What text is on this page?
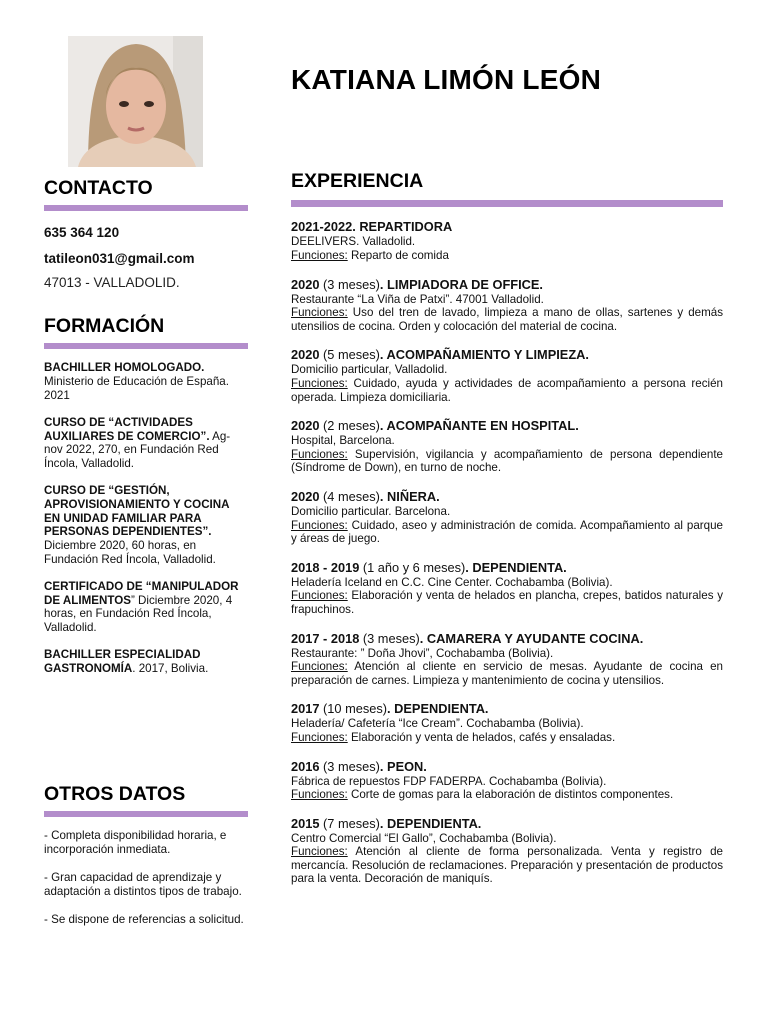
KATIANA LIMÓN LEÓN
CONTACTO
635 364 120
tatileon031@gmail.com
47013 - VALLADOLID.
FORMACIÓN
BACHILLER HOMOLOGADO. Ministerio de Educación de España. 2021
CURSO DE “ACTIVIDADES AUXILIARES DE COMERCIO”. Ag-nov 2022, 270, en Fundación Red Íncola, Valladolid.
CURSO DE “GESTIÓN, APROVISIONAMIENTO Y COCINA EN UNIDAD FAMILIAR PARA PERSONAS DEPENDIENTES”. Diciembre 2020, 60 horas, en Fundación Red Íncola, Valladolid.
CERTIFICADO DE “MANIPULADOR DE ALIMENTOS” Diciembre 2020, 4 horas, en Fundación Red Íncola, Valladolid.
BACHILLER ESPECIALIDAD GASTRONOMÍA. 2017, Bolivia.
OTROS DATOS
- Completa disponibilidad horaria, e incorporación inmediata.
- Gran capacidad de aprendizaje y adaptación a distintos tipos de trabajo.
- Se dispone de referencias a solicitud.
EXPERIENCIA
2021-2022. REPARTIDORA
DEELIVERS. Valladolid.
Funciones: Reparto de comida
2020 (3 meses). LIMPIADORA DE OFFICE.
Restaurante “La Viña de Patxi”. 47001 Valladolid.
Funciones: Uso del tren de lavado, limpieza a mano de ollas, sartenes y demás utensilios de cocina. Orden y colocación del material de cocina.
2020 (5 meses). ACOMPAÑAMIENTO Y LIMPIEZA.
Domicilio particular, Valladolid.
Funciones: Cuidado, ayuda y actividades de acompañamiento a persona recién operada. Limpieza domiciliaria.
2020 (2 meses). ACOMPAÑANTE EN HOSPITAL.
Hospital, Barcelona.
Funciones: Supervisión, vigilancia y acompañamiento de persona dependiente (Síndrome de Down), en turno de noche.
2020 (4 meses). NIÑERA.
Domicilio particular. Barcelona.
Funciones: Cuidado, aseo y administración de comida. Acompañamiento al parque y áreas de juego.
2018 - 2019 (1 año y 6 meses). DEPENDIENTA.
Heladería Iceland en C.C. Cine Center. Cochabamba (Bolivia).
Funciones: Elaboración y venta de helados en plancha, crepes, batidos naturales y frapuchinos.
2017 - 2018 (3 meses). CAMARERA Y AYUDANTE COCINA.
Restaurante: ” Doña Jhovi”, Cochabamba (Bolivia).
Funciones: Atención al cliente en servicio de mesas. Ayudante de cocina en preparación de carnes. Limpieza y mantenimiento de cocina y utensilios.
2017 (10 meses). DEPENDIENTA.
Heladería/ Cafetería “Ice Cream”. Cochabamba (Bolivia).
Funciones: Elaboración y venta de helados, cafés y ensaladas.
2016 (3 meses). PEON.
Fábrica de repuestos FDP FADERPA. Cochabamba (Bolivia).
Funciones: Corte de gomas para la elaboración de distintos componentes.
2015 (7 meses). DEPENDIENTA.
Centro Comercial “El Gallo”, Cochabamba (Bolivia).
Funciones: Atención al cliente de forma personalizada. Venta y registro de mercancía. Resolución de reclamaciones. Preparación y presentación de productos para la venta. Decoración de maniquís.
